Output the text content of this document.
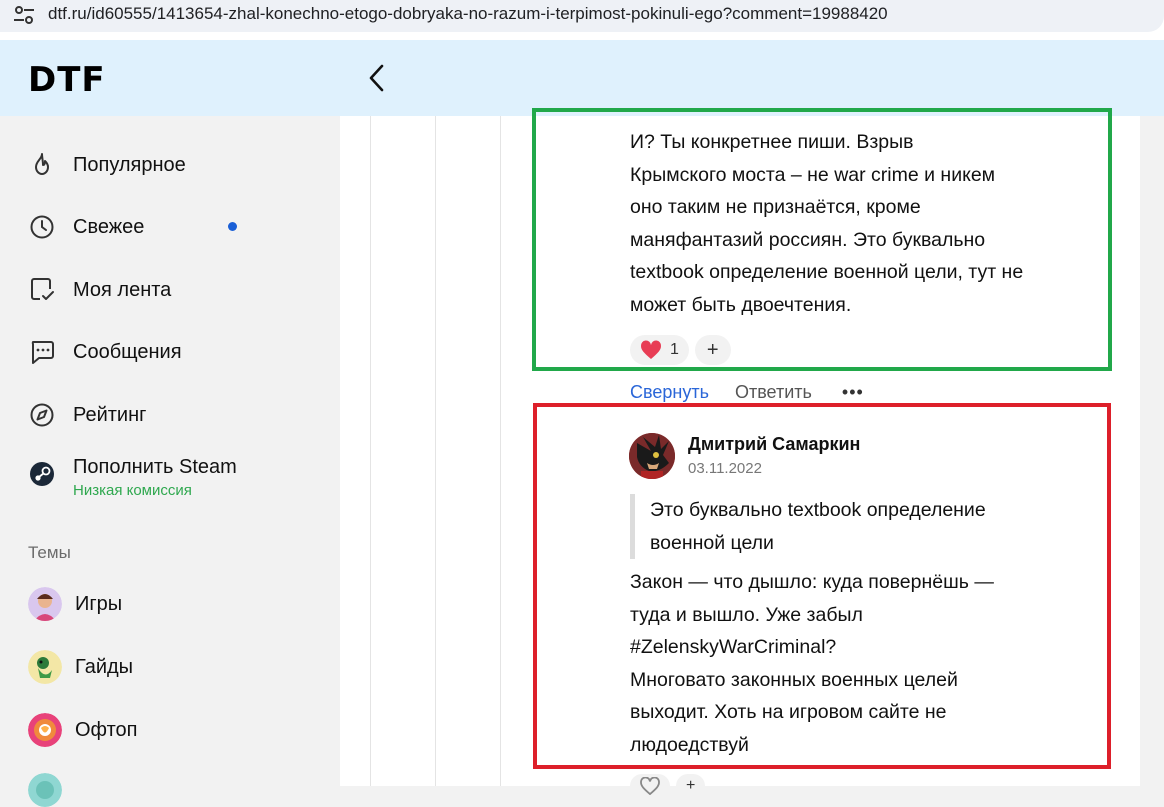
dtf.ru/id60555/1413654-zhal-konechno-etogo-dobryaka-no-razum-i-terpimost-pokinuli-ego?comment=19988420
DTF
Популярное
Свежее
Моя лента
Сообщения
Рейтинг
Пополнить Steam
Низкая комиссия
Темы
Игры
Гайды
Офтоп
И? Ты конкретнее пиши. Взрыв
Крымского моста – не war crime и никем
оно таким не признаётся, кроме
маняфантазий россиян. Это буквально
textbook определение военной цели, тут не
может быть двоечтения.
1 +
Свернуть Ответить •••
Дмитрий Самаркин
03.11.2022
Это буквально textbook определение
военной цели
Закон — что дышло: куда повернёшь —
туда и вышло. Уже забыл
#ZelenskyWarCriminal?
Многовато законных военных целей
выходит. Хоть на игровом сайте не
людоедствуй
+
